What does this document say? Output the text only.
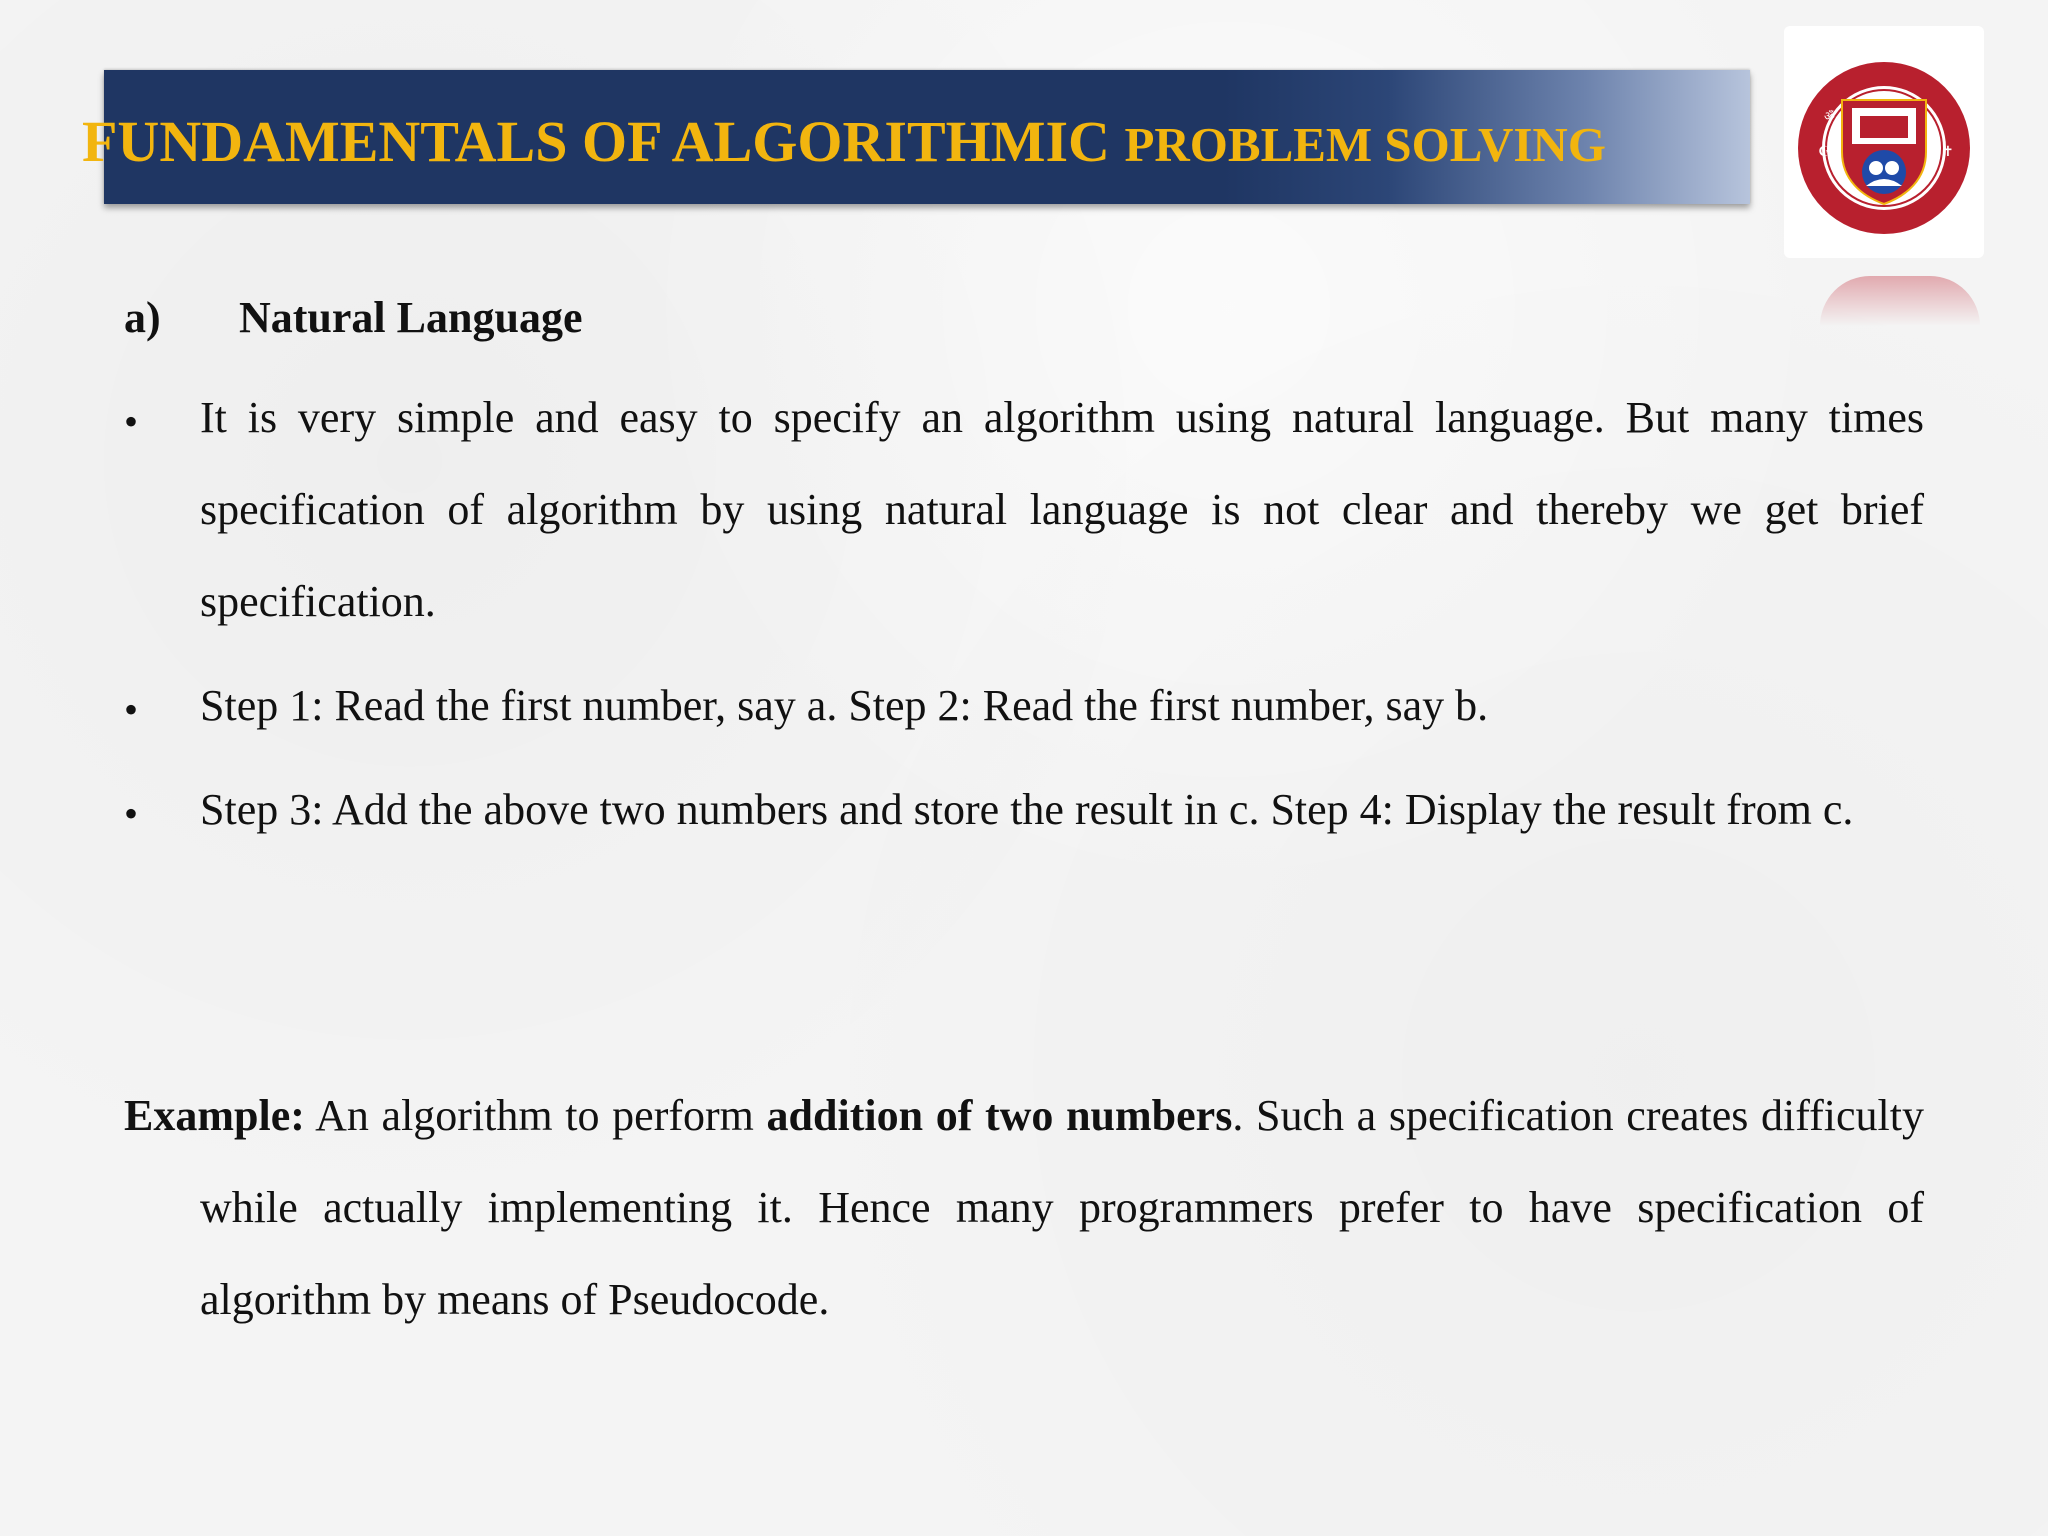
FUNDAMENTALS OF ALGORITHMIC PROBLEM SOLVING	☪	✝
ॐ
a) Natural Language
• It is very simple and easy to specify an algorithm using natural language. But many times specification of algorithm by using natural language is not clear and thereby we get brief specification.
• Step 1: Read the first number, say a. Step 2: Read the first number, say b.
• Step 3: Add the above two numbers and store the result in c. Step 4: Display the result from c.
Example: An algorithm to perform addition of two numbers. Such a specification creates difficulty while actually implementing it. Hence many programmers prefer to have specification of algorithm by means of Pseudocode.
